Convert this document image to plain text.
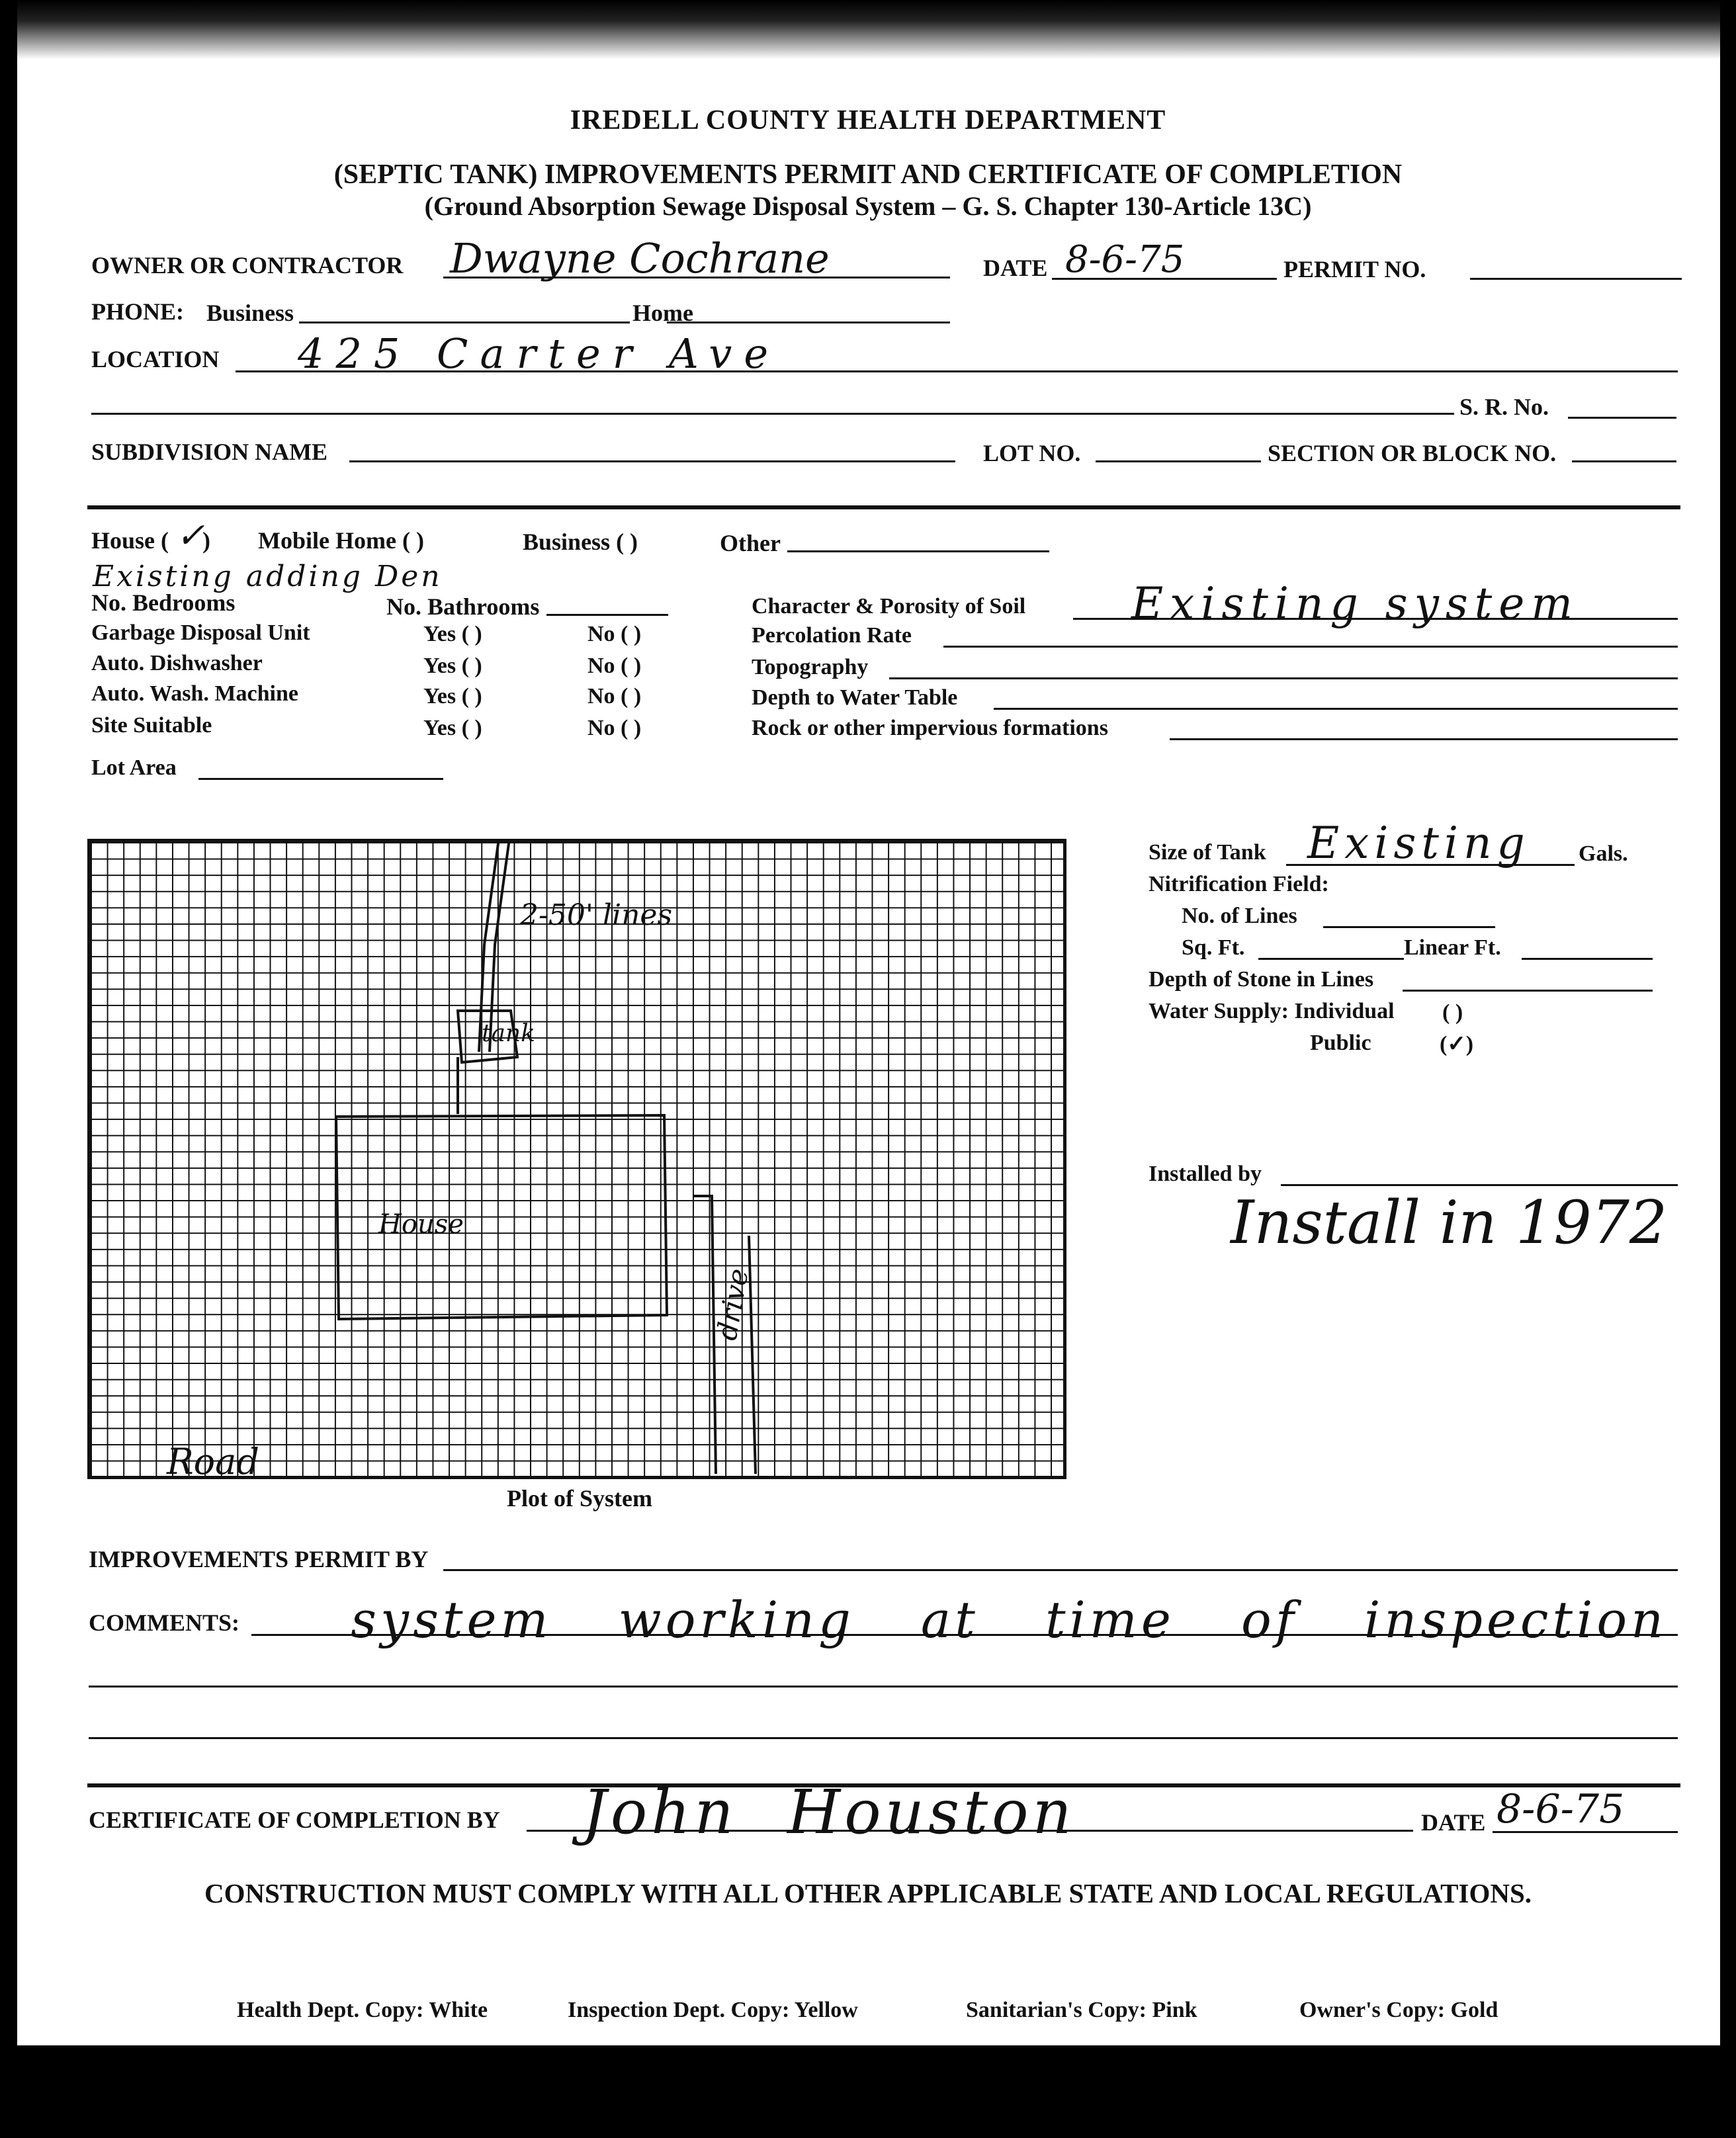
IREDELL COUNTY HEALTH DEPARTMENT
(SEPTIC TANK) IMPROVEMENTS PERMIT AND CERTIFICATE OF COMPLETION
(Ground Absorption Sewage Disposal System – G. S. Chapter 130-Article 13C)
OWNER OR CONTRACTOR Dwayne Cochrane	DATE 8-6-75	PERMIT NO.
PHONE: Business	Home
LOCATION 425 Carter Ave
S. R. No.
SUBDIVISION NAME	LOT NO.	SECTION OR BLOCK NO.
House ( ✓
) Mobile Home ( )	Business ( )	Other
Existing adding Den
No. Bedrooms	No. Bathrooms
Garbage Disposal Unit	Yes ( )	No ( )
Auto. Dishwasher	Yes ( )	No ( )
Auto. Wash. Machine	Yes ( )	No ( )
Site Suitable	Yes ( )	No ( )
Lot Area
Character & Porosity of Soil Existing system
Percolation Rate
Topography
Depth to Water Table
Rock or other impervious formations
2-50' lines
tank
House
Road
drive
Plot of System
Size of Tank Existing Gals.
Nitrification Field:
No. of Lines
Sq. Ft.	Linear Ft.
Depth of Stone in Lines
Water Supply: Individual ( )
Public	(✓)
Installed by
Install in 1972
IMPROVEMENTS PERMIT BY
COMMENTS: system working at time of inspection
CERTIFICATE OF COMPLETION BY John Houston	DATE 8-6-75
CONSTRUCTION MUST COMPLY WITH ALL OTHER APPLICABLE STATE AND LOCAL REGULATIONS.
Health Dept. Copy: White	Inspection Dept. Copy: Yellow	Sanitarian's Copy: Pink	Owner's Copy: Gold
